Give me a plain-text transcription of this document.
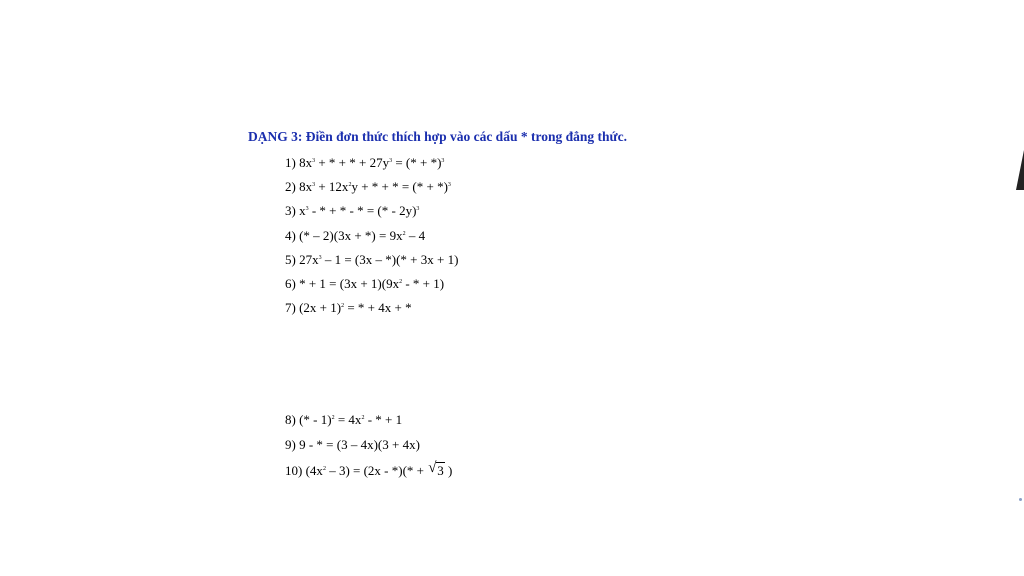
DẠNG 3: Điền đơn thức thích hợp vào các dấu * trong đẳng thức.
1) $8x^3$ + * + * + $27y^3$ = (* + *)$^3$
2) $8x^3 + 12x^2y$ + * + * = (* + *)$^3$
3) $x^3$ - * + * - * = (* - 2y)$^3$
4) (* – 2)(3x + *) = $9x^2 - 4$
5) $27x^3 - 1 = (3x$ – *)(* + 3x + 1)
6) * + $1 = (3x + 1)(9x^2$ - * + 1)
7) $(2x + 1)^2$ = * + 4x + *
8) (* - $1)^2 = 4x^2$ - * + 1
9) 9 - * = (3 – 4x)(3 + 4x)
10) $(4x^2 - 3) = (2x$ - *)(* + √ 3 )
